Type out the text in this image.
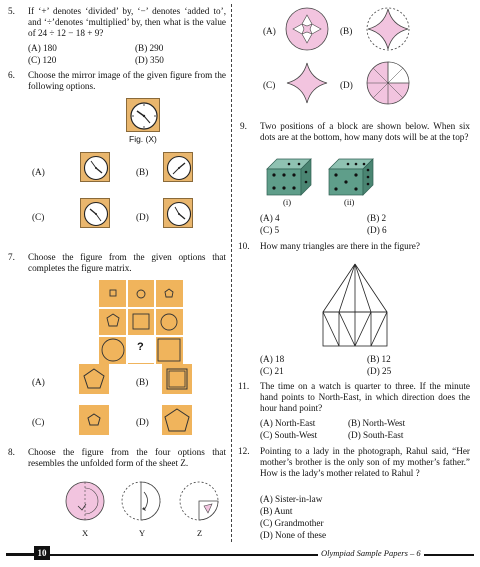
5.	If ‘+’ denotes ‘divided’ by, ‘−’ denotes ‘added to’, and ‘÷’denotes ‘multiplied’ by, then what is the value of 24 ÷ 12 − 18 + 9?
(A) 180	(B) 290
(C) 120	(D) 350
6.	Choose the mirror image of the given figure from the following options.
Fig. (X)
(A)	(B)
(C)	(D)
7.	Choose the figure from the given options that completes the figure matrix.
?
(A)	(B)
(C)	(D)
8.	Choose the figure from the four options that resembles the unfolded form of the sheet Z.
X	Y	Z
(A)	(B)
(C)	(D)
9.	Two positions of a block are shown below. When six dots are at the bottom, how many dots will be at the top?
(i)	(ii)
(A) 4	(B) 2
(C) 5	(D) 6
10.	How many triangles are there in the figure?
(A) 18	(B) 12
(C) 21	(D) 25
11.	The time on a watch is quarter to three. If the minute hand points to North-East, in which direction does the hour hand point?
(A) North-East	(B) North-West
(C) South-West	(D) South-East
12.	Pointing to a lady in the photograph, Rahul said, “Her mother’s brother is the only son of my mother’s father.” How is the lady’s mother related to Rahul ?
(A) Sister-in-law
(B) Aunt
(C) Grandmother
(D) None of these
10	Olympiad Sample Papers – 6
